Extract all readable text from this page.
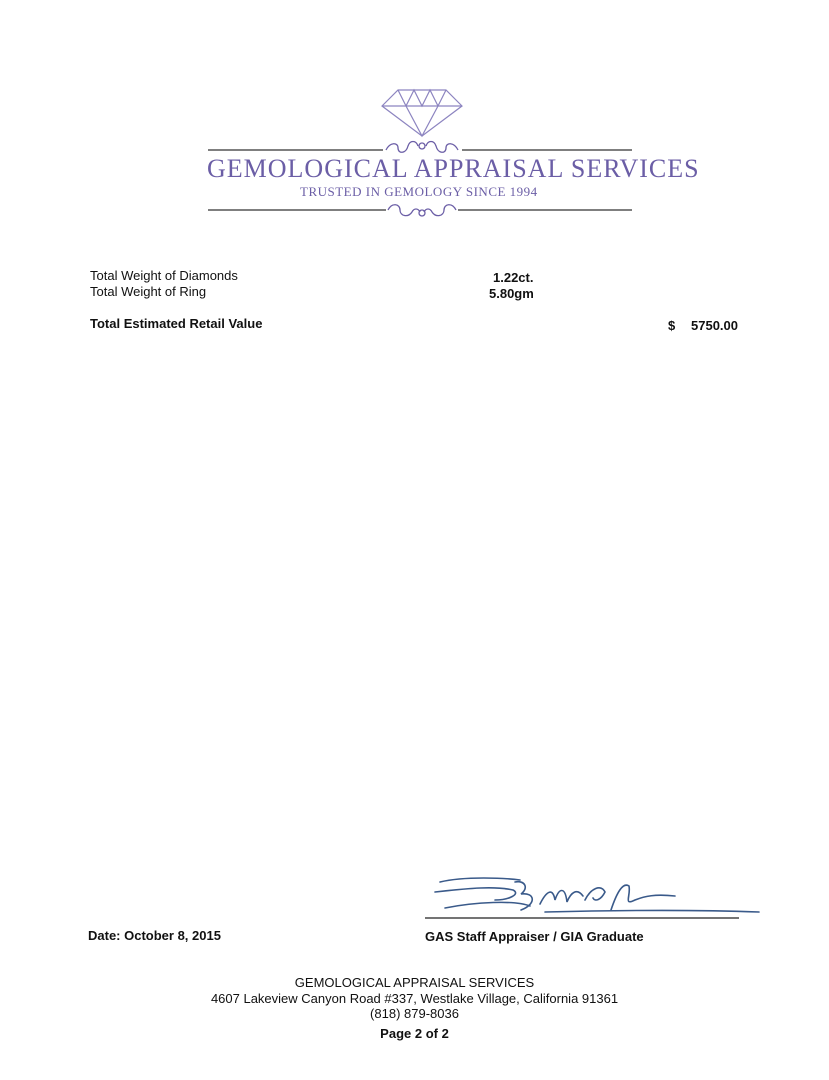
GEMOLOGICAL APPRAISAL SERVICES
TRUSTED IN GEMOLOGY SINCE 1994
Total Weight of Diamonds	1.22ct.
Total Weight of Ring	5.80gm
Total Estimated Retail Value	$ 5750.00
Date: October 8, 2015	GAS Staff Appraiser / GIA Graduate
GEMOLOGICAL APPRAISAL SERVICES
4607 Lakeview Canyon Road #337, Westlake Village, California 91361
(818) 879-8036
Page 2 of 2
